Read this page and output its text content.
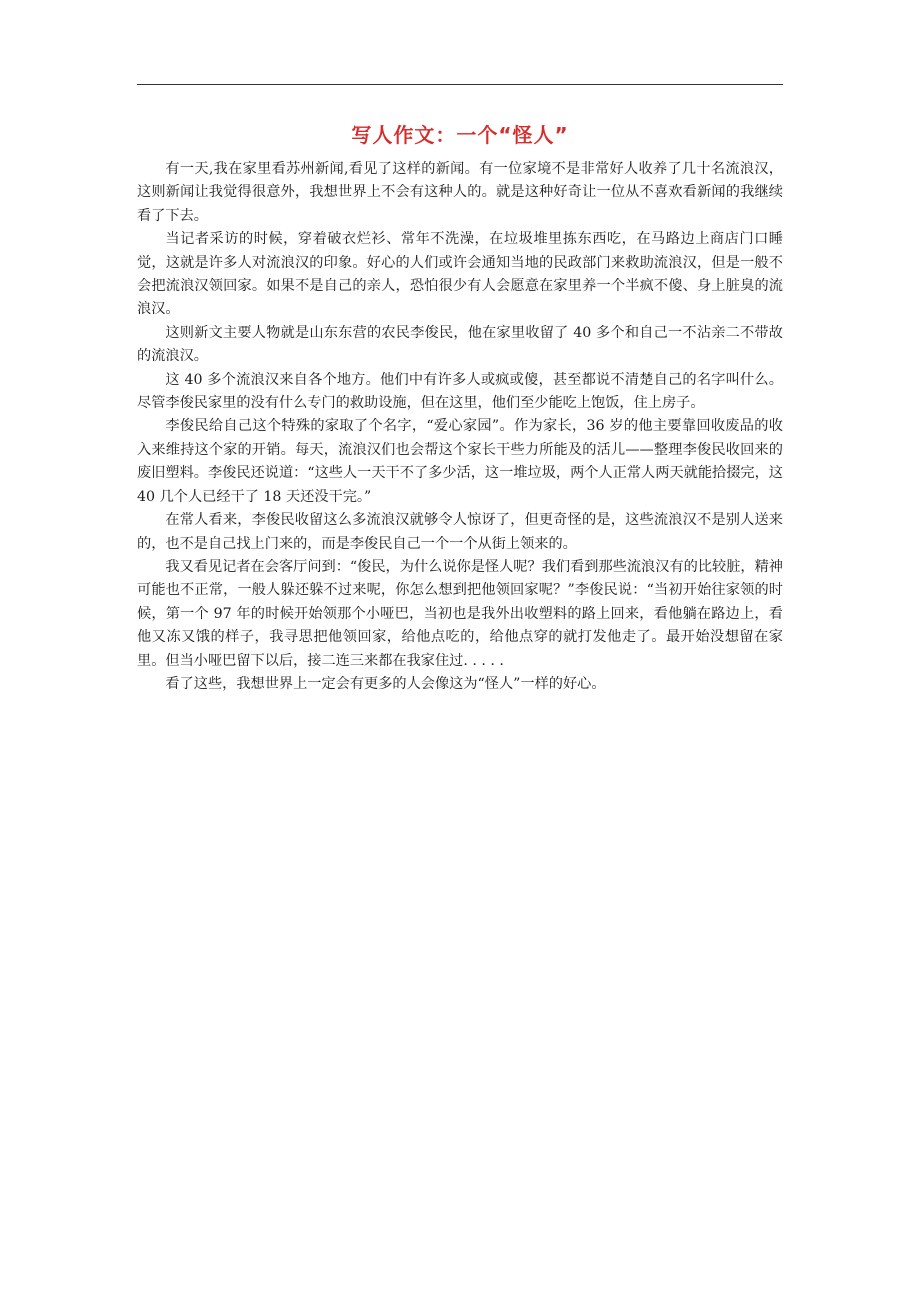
写人作文：一个“怪人”

有一天,我在家里看苏州新闻,看见了这样的新闻。有一位家境不是非常好人收养了几十名流浪汉，这则新闻让我觉得很意外，我想世界上不会有这种人的。就是这种好奇让一位从不喜欢看新闻的我继续看了下去。

当记者采访的时候，穿着破衣烂衫、常年不洗澡，在垃圾堆里拣东西吃，在马路边上商店门口睡觉，这就是许多人对流浪汉的印象。好心的人们或许会通知当地的民政部门来救助流浪汉，但是一般不会把流浪汉领回家。如果不是自己的亲人，恐怕很少有人会愿意在家里养一个半疯不傻、身上脏臭的流浪汉。

这则新文主要人物就是山东东营的农民李俊民，他在家里收留了 40 多个和自己一不沾亲二不带故的流浪汉。

这 40 多个流浪汉来自各个地方。他们中有许多人或疯或傻，甚至都说不清楚自己的名字叫什么。尽管李俊民家里的没有什么专门的救助设施，但在这里，他们至少能吃上饱饭，住上房子。

李俊民给自己这个特殊的家取了个名字，“爱心家园”。作为家长，36 岁的他主要靠回收废品的收入来维持这个家的开销。每天，流浪汉们也会帮这个家长干些力所能及的活儿——整理李俊民收回来的废旧塑料。李俊民还说道：“这些人一天干不了多少活，这一堆垃圾，两个人正常人两天就能拾掇完，这 40 几个人已经干了 18 天还没干完。”

在常人看来，李俊民收留这么多流浪汉就够令人惊讶了，但更奇怪的是，这些流浪汉不是别人送来的，也不是自己找上门来的，而是李俊民自己一个一个从街上领来的。

我又看见记者在会客厅问到：“俊民，为什么说你是怪人呢？我们看到那些流浪汉有的比较脏，精神可能也不正常，一般人躲还躲不过来呢，你怎么想到把他领回家呢？”李俊民说：“当初开始往家领的时候，第一个 97 年的时候开始领那个小哑巴，当初也是我外出收塑料的路上回来，看他躺在路边上，看他又冻又饿的样子，我寻思把他领回家，给他点吃的，给他点穿的就打发他走了。最开始没想留在家里。但当小哑巴留下以后，接二连三来都在我家住过. . . . .

看了这些，我想世界上一定会有更多的人会像这为“怪人”一样的好心。
